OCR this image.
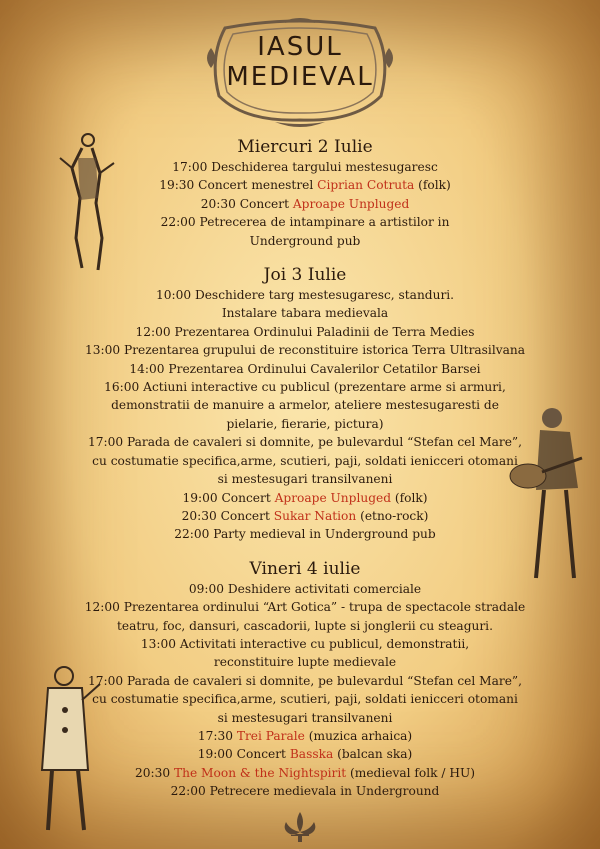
IASUL
MEDIEVAL
Miercuri 2 Iulie
17:00 Deschiderea targului mestesugaresc
19:30 Concert menestrel Ciprian Cotruta (folk)
20:30 Concert Aproape Unpluged
22:00 Petrecerea de intampinare a artistilor in
Underground pub
Joi 3 Iulie
10:00 Deschidere targ mestesugaresc, standuri.
Instalare tabara medievala
12:00 Prezentarea Ordinului Paladinii de Terra Medies
13:00 Prezentarea grupului de reconstituire istorica Terra Ultrasilvana
14:00 Prezentarea Ordinului Cavalerilor Cetatilor Barsei
16:00 Actiuni interactive cu publicul (prezentare arme si armuri,
demonstratii de manuire a armelor, ateliere mestesugaresti de
pielarie, fierarie, pictura)
17:00 Parada de cavaleri si domnite, pe bulevardul “Stefan cel Mare”,
cu costumatie specifica,arme, scutieri, paji, soldati ienicceri otomani
si mestesugari transilvaneni
19:00 Concert Aproape Unpluged (folk)
20:30 Concert Sukar Nation (etno-rock)
22:00 Party medieval in Underground pub
Vineri 4 iulie
09:00 Deshidere activitati comerciale
12:00 Prezentarea ordinului “Art Gotica” - trupa de spectacole stradale
teatru, foc, dansuri, cascadorii, lupte si jonglerii cu steaguri.
13:00 Activitati interactive cu publicul, demonstratii,
reconstituire lupte medievale
17:00 Parada de cavaleri si domnite, pe bulevardul “Stefan cel Mare”,
cu costumatie specifica,arme, scutieri, paji, soldati ienicceri otomani
si mestesugari transilvaneni
17:30 Trei Parale (muzica arhaica)
19:00 Concert Basska (balcan ska)
20:30 The Moon & the Nightspirit (medieval folk / HU)
22:00 Petrecere medievala in Underground
